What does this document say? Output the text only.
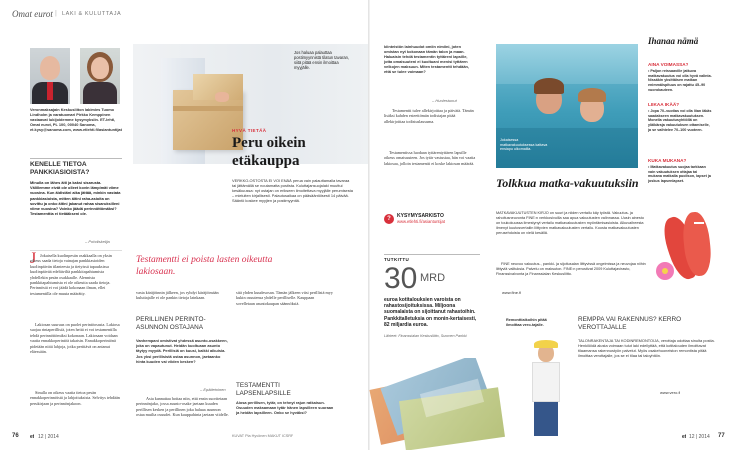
Omat eurot | LAKI & KULUTTAJA
Veronmaksajain Keskusliiton lakimies Tuomo Lindholm ja varatuomari Pirkko Kemppinen vastaavat lukijoidemme kysymyksiin. ET-lehti, Omat eurot, PL 100, 00040 Sanoma, et.kysy@sanoma.com, www.etlehti.fi/asiantuntijat
KENELLE TIETOA PANKKIASIOISTA?
Minulla on lähes äiti ja kaksi sisarusta. Välillemme eivät ole olleet kovin lämpimät viime vuosina. Kun äidistäni aika jättää, minkin vastata pankkiasioista, mitten äitini raha-asioita on sovittu ja onko äitini jakanut rahaa sisaruksilleni viime vuosina? Voinko jäädä perinnöttömäksi? Testamenttia ei tietääkseni ole.
– Pohdiskelija
J Jokaisella kuolinpesän osakkaalla on yksin oikeus saada tietoja vainajan pankkiasioiden kuolinpäivän tilanteesta ja tietyissä tapauksissa kuolinpäivää edeltäviltä pankkitapahtumista yhdellekin pesän osakkaalle. Alennista pankkitapahtumista ei ole oikeutta saada tietoja. Perinnöstä ei voi jäädä kokonaan ilman, ellei testamentilla ole muuta määrätty.
Lakiosan suuruus on puolet perintöosasta. Lakiosa suojaa rintaperillisiä, joten heitä ei voi testamentilla tehdä perinnöttömiksi kokonaan. Lakiosaan voidaan vaatia ennakkoperintöä takaisin. Ennakkoperintönä pidetään niitä lahjoja, jotka perittävä on antanut eläessään.
Sinulla on oikeus vaatia tietoa pesän ennakkoperinnöistä ja lahjoituksista. Selvitys tehdään perukirjaan ja perinnönjakoon.
Jos haluaa palauttaa postimyynnistä tilatun tavaran, siitä pitää ensin ilmoittaa myyjälle.
HYVÄ TIETÄÄ
Peru oikein etäkauppa
VERKKO-OSTOSTA EI VOI ENÄÄ perua vain palauttamalla tavaraa tai jättämällä se noutamatta postista. Kuluttajansuojalaki muuttui kesäkuussa: nyt ostajan on erikseen ilmoitettava myyjälle perumisesta – mieluiten kirjallisesti. Palautusaikaa on pääsääntöisesti 14 päivää. Sääntö koskee myyjien ja postimyyntiä.
Testamentti ei poista lasten oikeutta lakiosaan.
vasta käräjöinnin jälkeen, jos ryhdyt käräjöimään kuluttajalle ei ole pankin tietoja lainkaan.
PERILLINEN PERINTÖ-ASUNNON OSTAJANA
Vanhempani omistivat yhdessä asunto-osakkeen, joka on vapautunut. Heidän kuoltuaan asunto täytyy myydä. Perillisiä on kuusi, kaikki aikuisia. Jos yksi perillisistä ostaa asunnon, jaetaanko hinta kuuden vai viiden kesken?
– Epätietoinen
Asia kannattaa hoitaa niin, että ensin suoritetaan perinnönjako, jossa asunto-osake jaetaan kuuden perillisen kesken ja perillinen joka haluaa asunnon ostaa muilta osuudet. Kun kauppahinta jaetaan viidelle.
sitä yhden kuudesosan. Tämän jälkeen viisi perillistä myy kukin osuutensa yhdelle perilliselle. Kauppaan sovelletaan asuntokaupan säännöksiä.
TESTAMENTTI LAPSENLAPSILLE
Aiosa perillisen, tytär, on tehnyt rajun ratkaisun. Osuuden maksamaan tytär hänen lapsilleen suoraan ja heidän lapsilleen. Onko se hyväksi?
76 et 12 | 2014	KUVAT Pia Hyvönen MAKUT ICSRF
kiinteistön lainhuudot omiin nimiini, joten omistan nyt kokonaan tämän talon ja maan. Haluaisin tehdä testamentin tyttäreni lapsille, jotta omaisuuteni ei kuoltuani menisi tyttären velkojen maksuun. Miten testamentti tehdään, että se tulee voimaan?
– Huolestunut
Testamentti tulee allekirjoittaa ja päivätä. Tämän lisäksi kahden esteettömän todistajan pitää allekirjoittaa todistuslausuma.
Testamentissa luodaan tyttärentyttären lapsille oikeus omaisuuteen. Jos tytär vastustaa, hän voi vaatia lakiosaa, jolloin testamentti ei koske lakiosan määrää.
?	KYSYMYSARKISTO
www.etlehti.fi/asiantuntijat
TUTKITTU
30 MRD
euroa kotitalouksien varoista on rahastosijoituksissa. Miljoona suomalaista on sijoittanut rahastoihin. Pankkitalletuksia on monin-kertaisesti, 82 miljardia euroa.
Lähteet: Finanssialan Keskusliitto, Suomen Pankki
Jokaisessa matkavakuutuksessa kattava ensiapu ulkomailla.
Tolkkua matka-vakuutuksiin
MATKAVAKUUTUSTEN KIRJO on suuri ja niiden vertailu käy työstä. Vakuutus- ja rahoitusneuvonta FINE:n verkkosivuilla saa apua vakuutusten valinnassa. Uusin ainesto on toukokuussa ilmestynyt vertailu matkavakuutusten myöntämisasioista. Alkuvaiheesta ilmenyt kuutosvertaiiin liittyvien matkavakuutusten vertailu. Koosta matkavakuutusten perusehdoista on vielä kesällä.
FINE neuvoo vakuutus-, pankki- ja sijoitusalan liittyvissä ongelmissa ja neuvojaa niihin liittyviä valituksia. Palvelu on maksuton. FINE:n perustivat 2009 Kuluttajavirasto, Finanssivalvonta ja Finanssialan Keskusliitto.
www.fine.fi
Ihanaa nämä
AINA VOIMASSA?
• Paljon reissaaville jatkuva matkavakuutus voi olla hyvä valinta. Nissäkin yksittäisen matkan enimmäispituus on rajattu 45–90 vuorokauteen.
LIIKAA IKÄÄ?
• Jopa 70–vuotias voi olla liian iäkäs saadakseen matkavakuutuksen. Monella vakuutusyhtiöllä on yläikäraja vakuutuksen ottamiselle, ja se vaihtelee 70–100 vuoteen.
KUKA MUKANA?
• Matkavakuutus suojaa tarkkaan vain vakuutuksen ottajaa tai mukana matkalla puolison, lapset ja joskus lapsenlapset.
Remonttiaikoihin pitää ilmoittaa vero-tajalle.
REMPPA VAI RAKENNUS? KERRO VEROTTAJALLE
TALONRAKENTAJA TAI KODINREMONTOIJA, verottaja odottaa sinulta postia. Henkilöidä alusta voimaan tulut laki edellyttää, että kotitalouden ilmoittavat tilaamansa rakennustyön palvelut. Myös osakehuoneiston remontista pitää ilmoittaa verottajalle, jos se ei tilaa tai taloyhtiön.
www.vero.fi
et 12 | 2014 77
